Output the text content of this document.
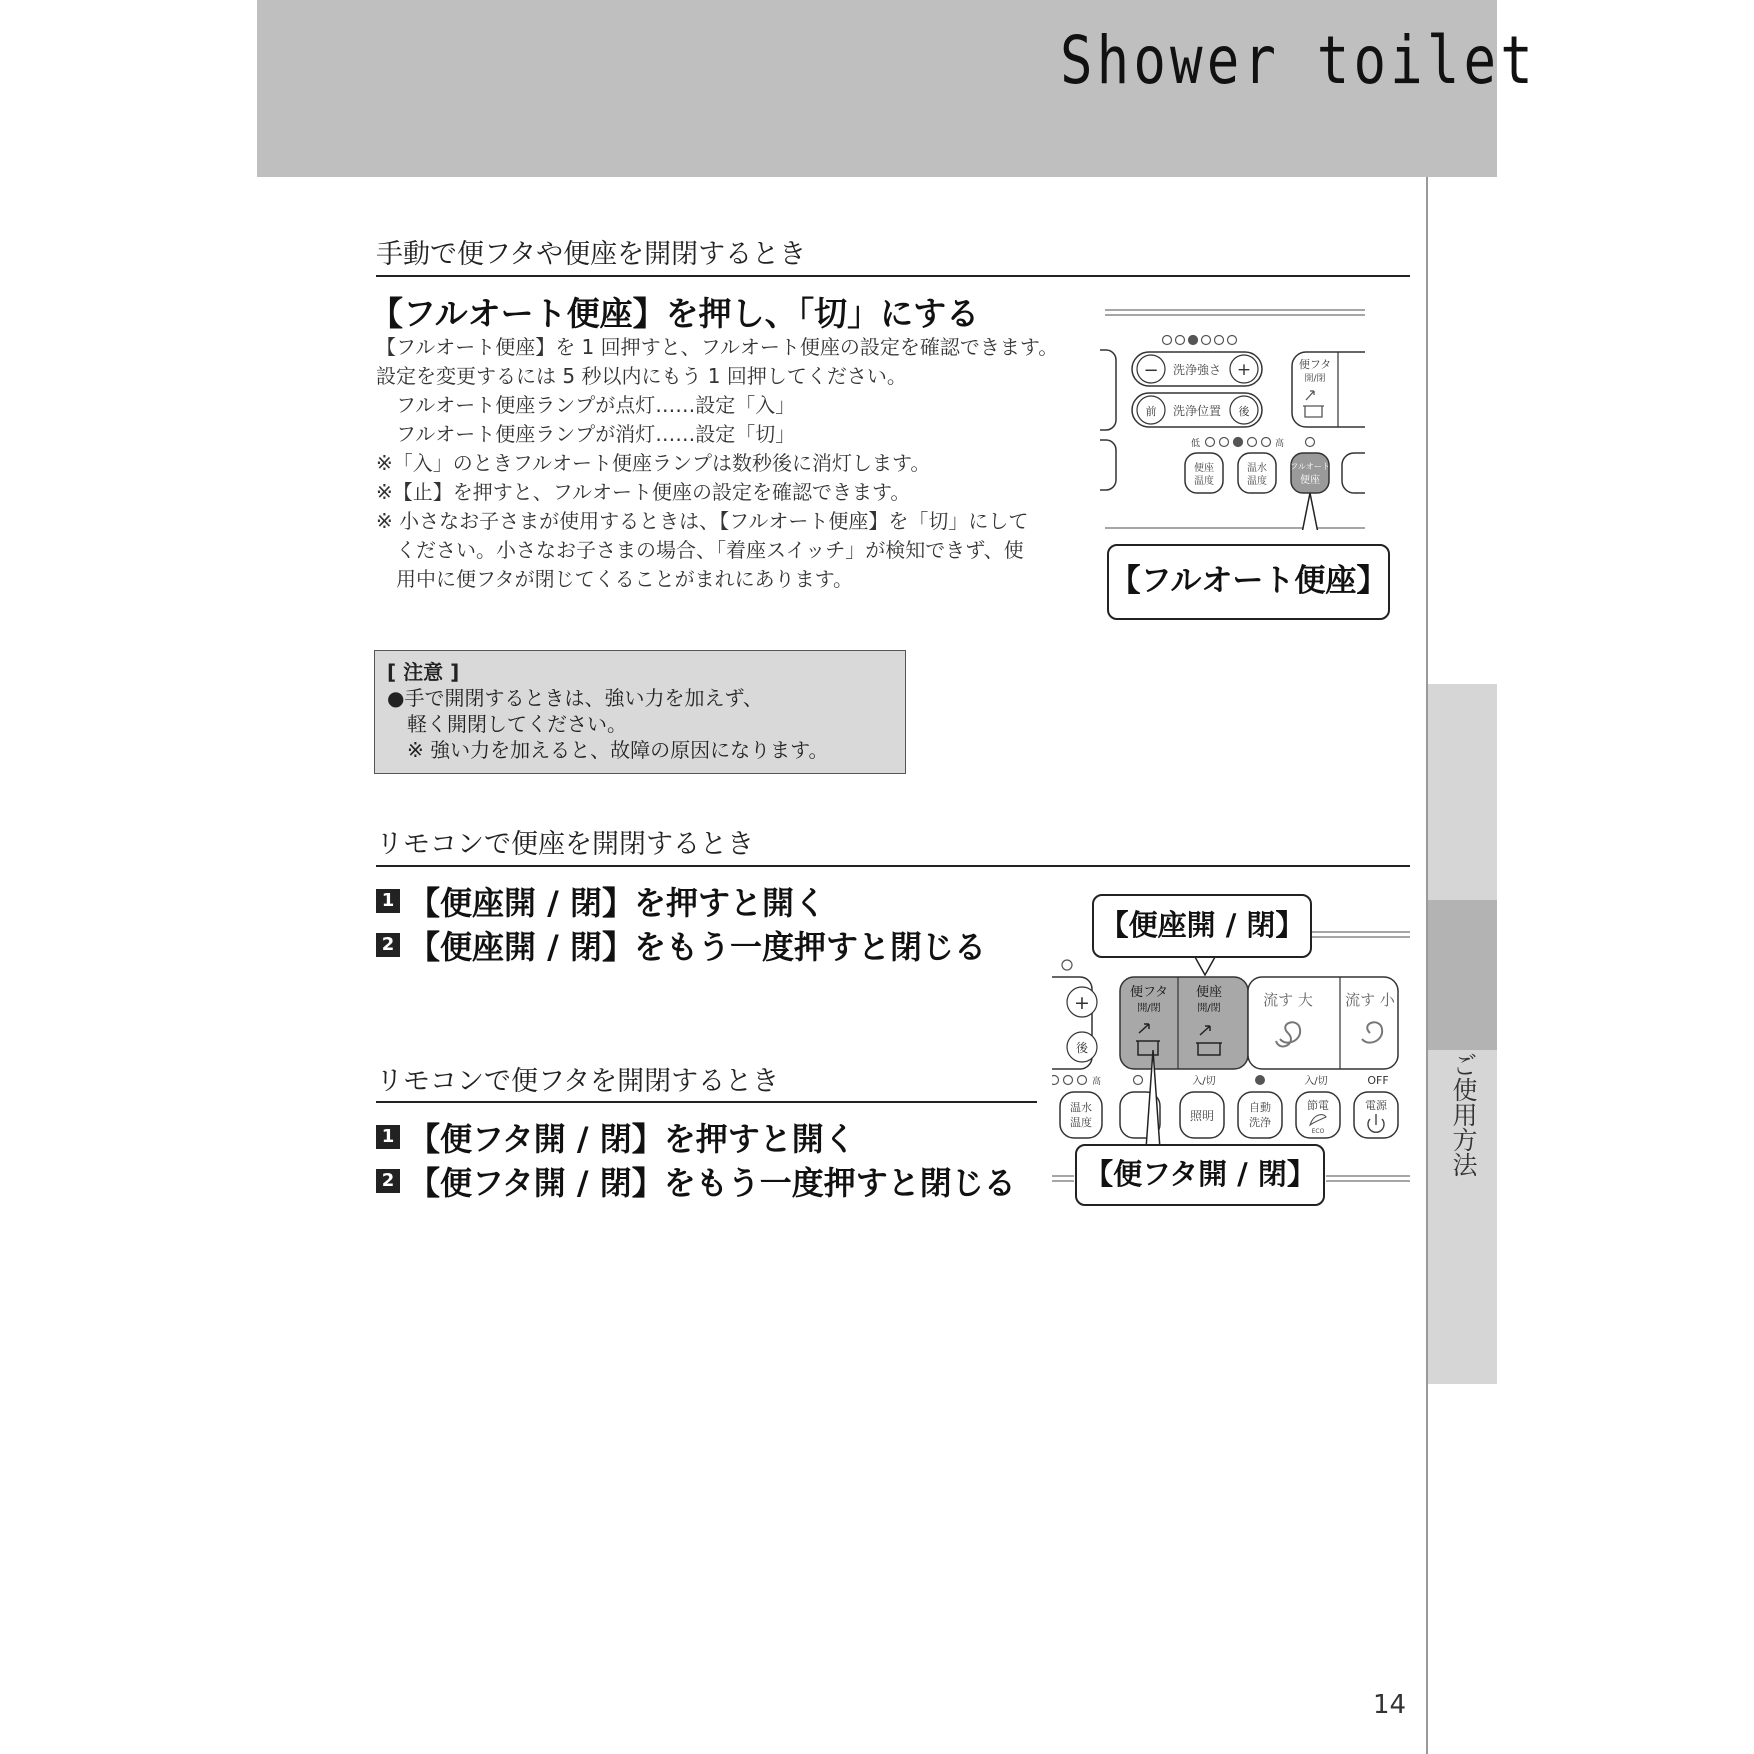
Shower toilet
ご使用方法
手動で便フタや便座を開閉するとき
【フルオート便座】を押し、「切」にする
【フルオート便座】を 1 回押すと、フルオート便座の設定を確認できます。
設定を変更するには 5 秒以内にもう 1 回押してください。
　フルオート便座ランプが点灯……設定「入」
　フルオート便座ランプが消灯……設定「切」
※「入」のときフルオート便座ランプは数秒後に消灯します。
※【止】を押すと、フルオート便座の設定を確認できます。
※ 小さなお子さまが使用するときは、【フルオート便座】を「切」にして
　ください。小さなお子さまの場合、「着座スイッチ」が検知できず、使
　用中に便フタが閉じてくることがまれにあります。
− 洗浄強さ +
前 洗浄位置 後
便フタ
開/閉
低	高
便座
温度
温水
温度
フルオート
便座
【フルオート便座】
[ 注意 ]
●手で開閉するときは、強い力を加えず、
　軽く開閉してください。
　※ 強い力を加えると、故障の原因になります。
リモコンで便座を開閉するとき
1 【便座開 / 閉】を押すと開く
2 【便座開 / 閉】をもう一度押すと閉じる
リモコンで便フタを開閉するとき
1 【便フタ開 / 閉】を押すと開く
2 【便フタ開 / 閉】をもう一度押すと閉じる
+
後
便フタ
開/閉
便座
開/閉	流す 大 流す 小
高	入/切	入/切	OFF
温水
温度	照明
自動
洗浄
節電
ECO
電源
【便座開 / 閉】
【便フタ開 / 閉】
14
